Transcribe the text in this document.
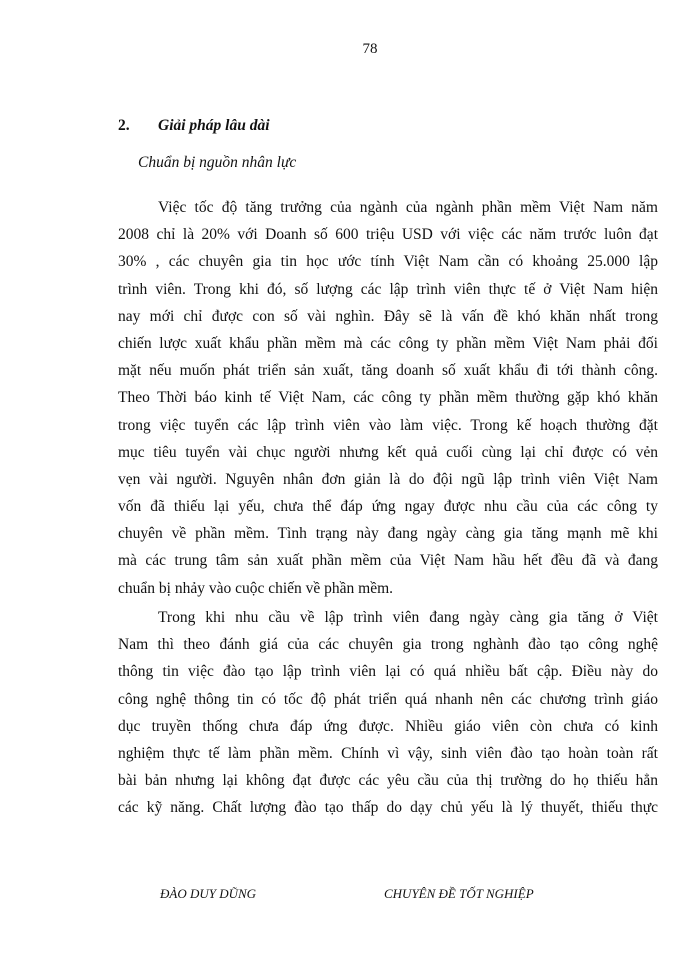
78
2. Giải pháp lâu dài
Chuẩn bị nguồn nhân lực
Việc tốc độ tăng trưởng của ngành của ngành phần mềm Việt Nam năm
2008 chỉ là 20% với Doanh số 600 triệu USD với việc các năm trước luôn đạt
30% , các chuyên gia tin học ước tính Việt Nam cần có khoảng 25.000 lập
trình viên. Trong khi đó, số lượng các lập trình viên thực tế ở Việt Nam hiện
nay mới chỉ được con số vài nghìn. Đây sẽ là vấn đề khó khăn nhất trong
chiến lược xuất khẩu phần mềm mà các công ty phần mềm Việt Nam phải đối
mặt nếu muốn phát triển sản xuất, tăng doanh số xuất khẩu đi tới thành công.
Theo Thời báo kinh tế Việt Nam, các công ty phần mềm thường gặp khó khăn
trong việc tuyển các lập trình viên vào làm việc. Trong kế hoạch thường đặt
mục tiêu tuyển vài chục người nhưng kết quả cuối cùng lại chỉ được có vẻn
vẹn vài người. Nguyên nhân đơn giản là do đội ngũ lập trình viên Việt Nam
vốn đã thiếu lại yếu, chưa thể đáp ứng ngay được nhu cầu của các công ty
chuyên về phần mềm. Tình trạng này đang ngày càng gia tăng mạnh mẽ khi
mà các trung tâm sản xuất phần mềm của Việt Nam hầu hết đều đã và đang
chuẩn bị nhảy vào cuộc chiến về phần mềm.
Trong khi nhu cầu về lập trình viên đang ngày càng gia tăng ở Việt
Nam thì theo đánh giá của các chuyên gia trong nghành đào tạo công nghệ
thông tin việc đào tạo lập trình viên lại có quá nhiều bất cập. Điều này do
công nghệ thông tin có tốc độ phát triển quá nhanh nên các chương trình giáo
dục truyền thống chưa đáp ứng được. Nhiều giáo viên còn chưa có kinh
nghiệm thực tế làm phần mềm. Chính vì vậy, sinh viên đào tạo hoàn toàn rất
bài bản nhưng lại không đạt được các yêu cầu của thị trường do họ thiếu hẳn
các kỹ năng. Chất lượng đào tạo thấp do dạy chủ yếu là lý thuyết, thiếu thực
ĐÀO DUY DŨNG	CHUYÊN ĐỀ TỐT NGHIỆP
